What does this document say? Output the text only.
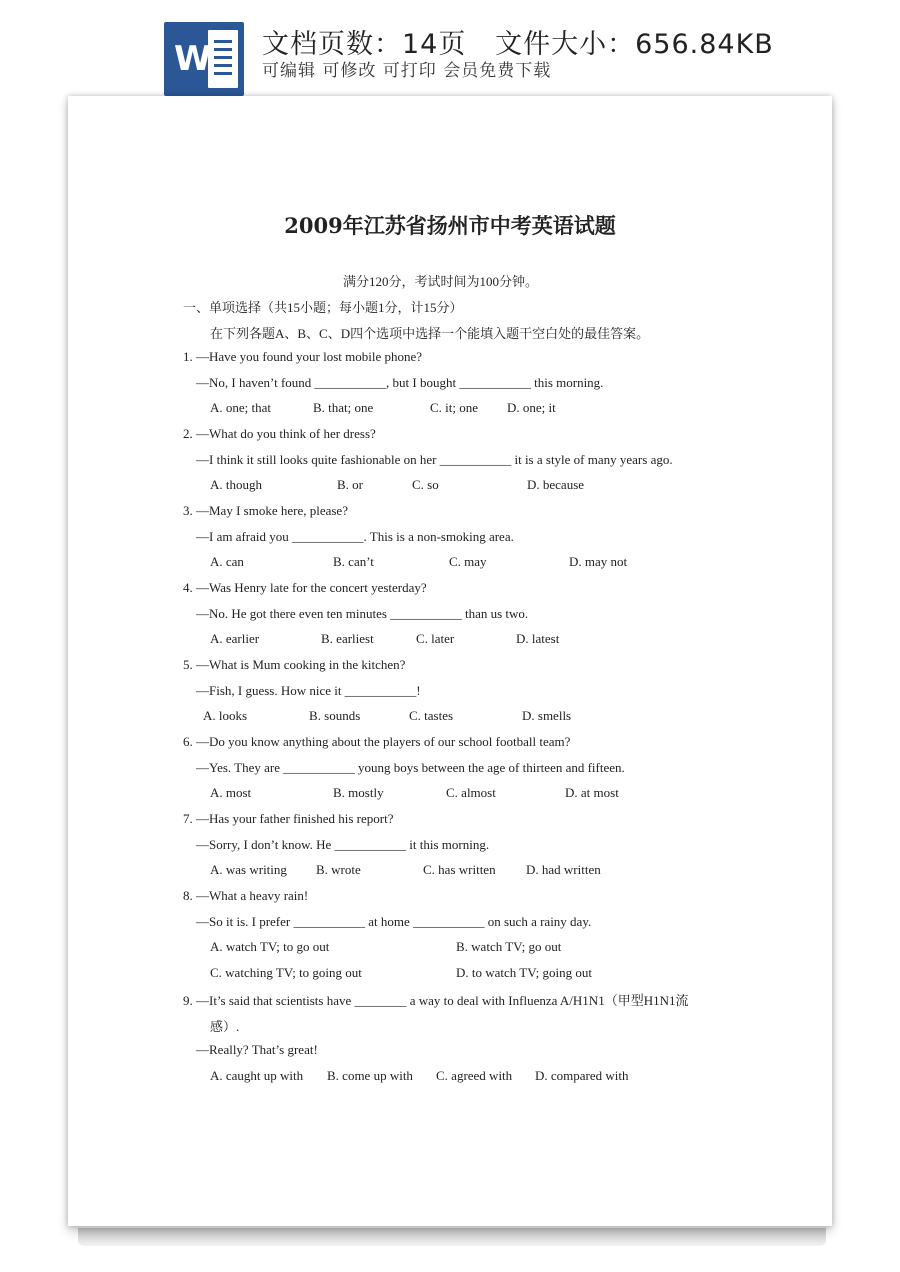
W 文档页数：14页   文件大小：656.84KB
可编辑 可修改 可打印 会员免费下载
2009年江苏省扬州市中考英语试题
满分120分，考试时间为100分钟。
一、单项选择（共15小题；每小题1分，计15分）
在下列各题A、B、C、D四个选项中选择一个能填入题干空白处的最佳答案。
1. —Have you found your lost mobile phone?
—No, I haven’t found ___________, but I bought ___________ this morning.
A. one; that	B. that; one	C. it; one D. one; it
2. —What do you think of her dress?
—I think it still looks quite fashionable on her ___________ it is a style of many years ago.
A. though	B. or	C. so	D. because
3. —May I smoke here, please?
—I am afraid you ___________. This is a non-smoking area.
A. can	B. can’t	C. may	D. may not
4. —Was Henry late for the concert yesterday?
—No. He got there even ten minutes ___________ than us two.
A. earlier	B. earliest	C. later	D. latest
5. —What is Mum cooking in the kitchen?
—Fish, I guess. How nice it ___________!
A. looks	B. sounds	C. tastes	D. smells
6. —Do you know anything about the players of our school football team?
—Yes. They are ___________ young boys between the age of thirteen and fifteen.
A. most	B. mostly	C. almost	D. at most
7. —Has your father finished his report?
—Sorry, I don’t know. He ___________ it this morning.
A. was writing B. wrote	C. has written D. had written
8. —What a heavy rain!
—So it is. I prefer ___________ at home ___________ on such a rainy day.
A. watch TV; to go out	B. watch TV; go out
C. watching TV; to going out	D. to watch TV; going out
9. —It’s said that scientists have ________ a way to deal with Influenza A/H1N1（甲型H1N1流
感）.
—Really? That’s great!
A. caught up with B. come up with C. agreed with D. compared with
